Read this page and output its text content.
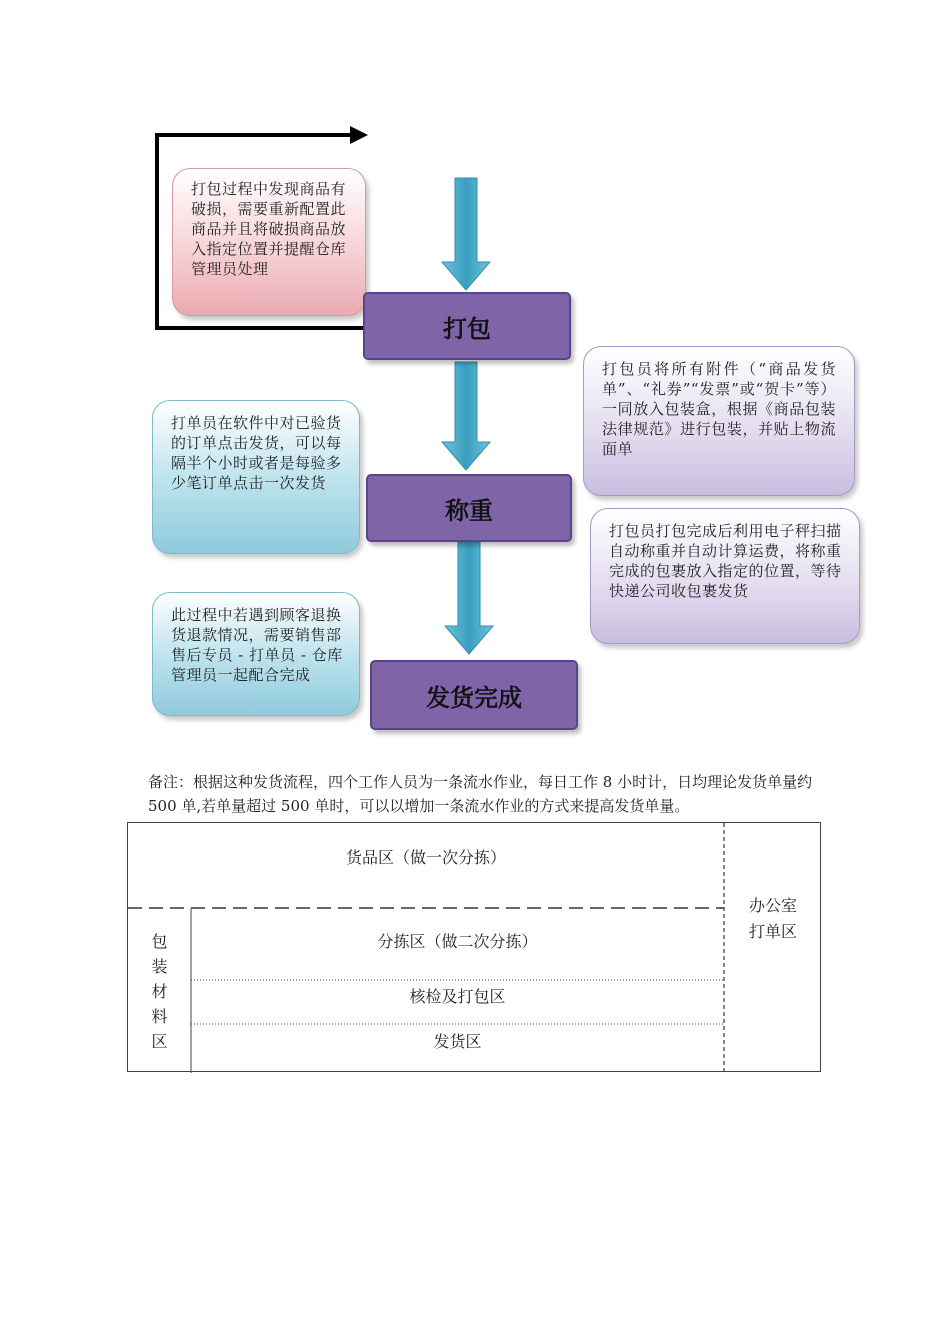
打包过程中发现商品有破损，需要重新配置此商品并且将破损商品放入指定位置并提醒仓库管理员处理
打单员在软件中对已验货的订单点击发货，可以每隔半个小时或者是每验多少笔订单点击一次发货
此过程中若遇到顾客退换货退款情况，需要销售部售后专员 - 打单员 - 仓库管理员一起配合完成
打包员将所有附件（“商品发货单”、“礼券”“发票”或“贺卡”等）一同放入包装盒，根据《商品包装法律规范》进行包装，并贴上物流面单
打包员打包完成后利用电子秤扫描自动称重并自动计算运费，将称重完成的包裹放入指定的位置，等待快递公司收包裹发货
打包
称重
发货完成
备注：根据这种发货流程，四个工作人员为一条流水作业，每日工作 8 小时计，日均理论发货单量约 500 单,若单量超过 500 单时，可以以增加一条流水作业的方式来提高发货单量。
货品区（做一次分拣）
办公室
打单区
包
装
材
料
区
分拣区（做二次分拣）
核检及打包区
发货区
